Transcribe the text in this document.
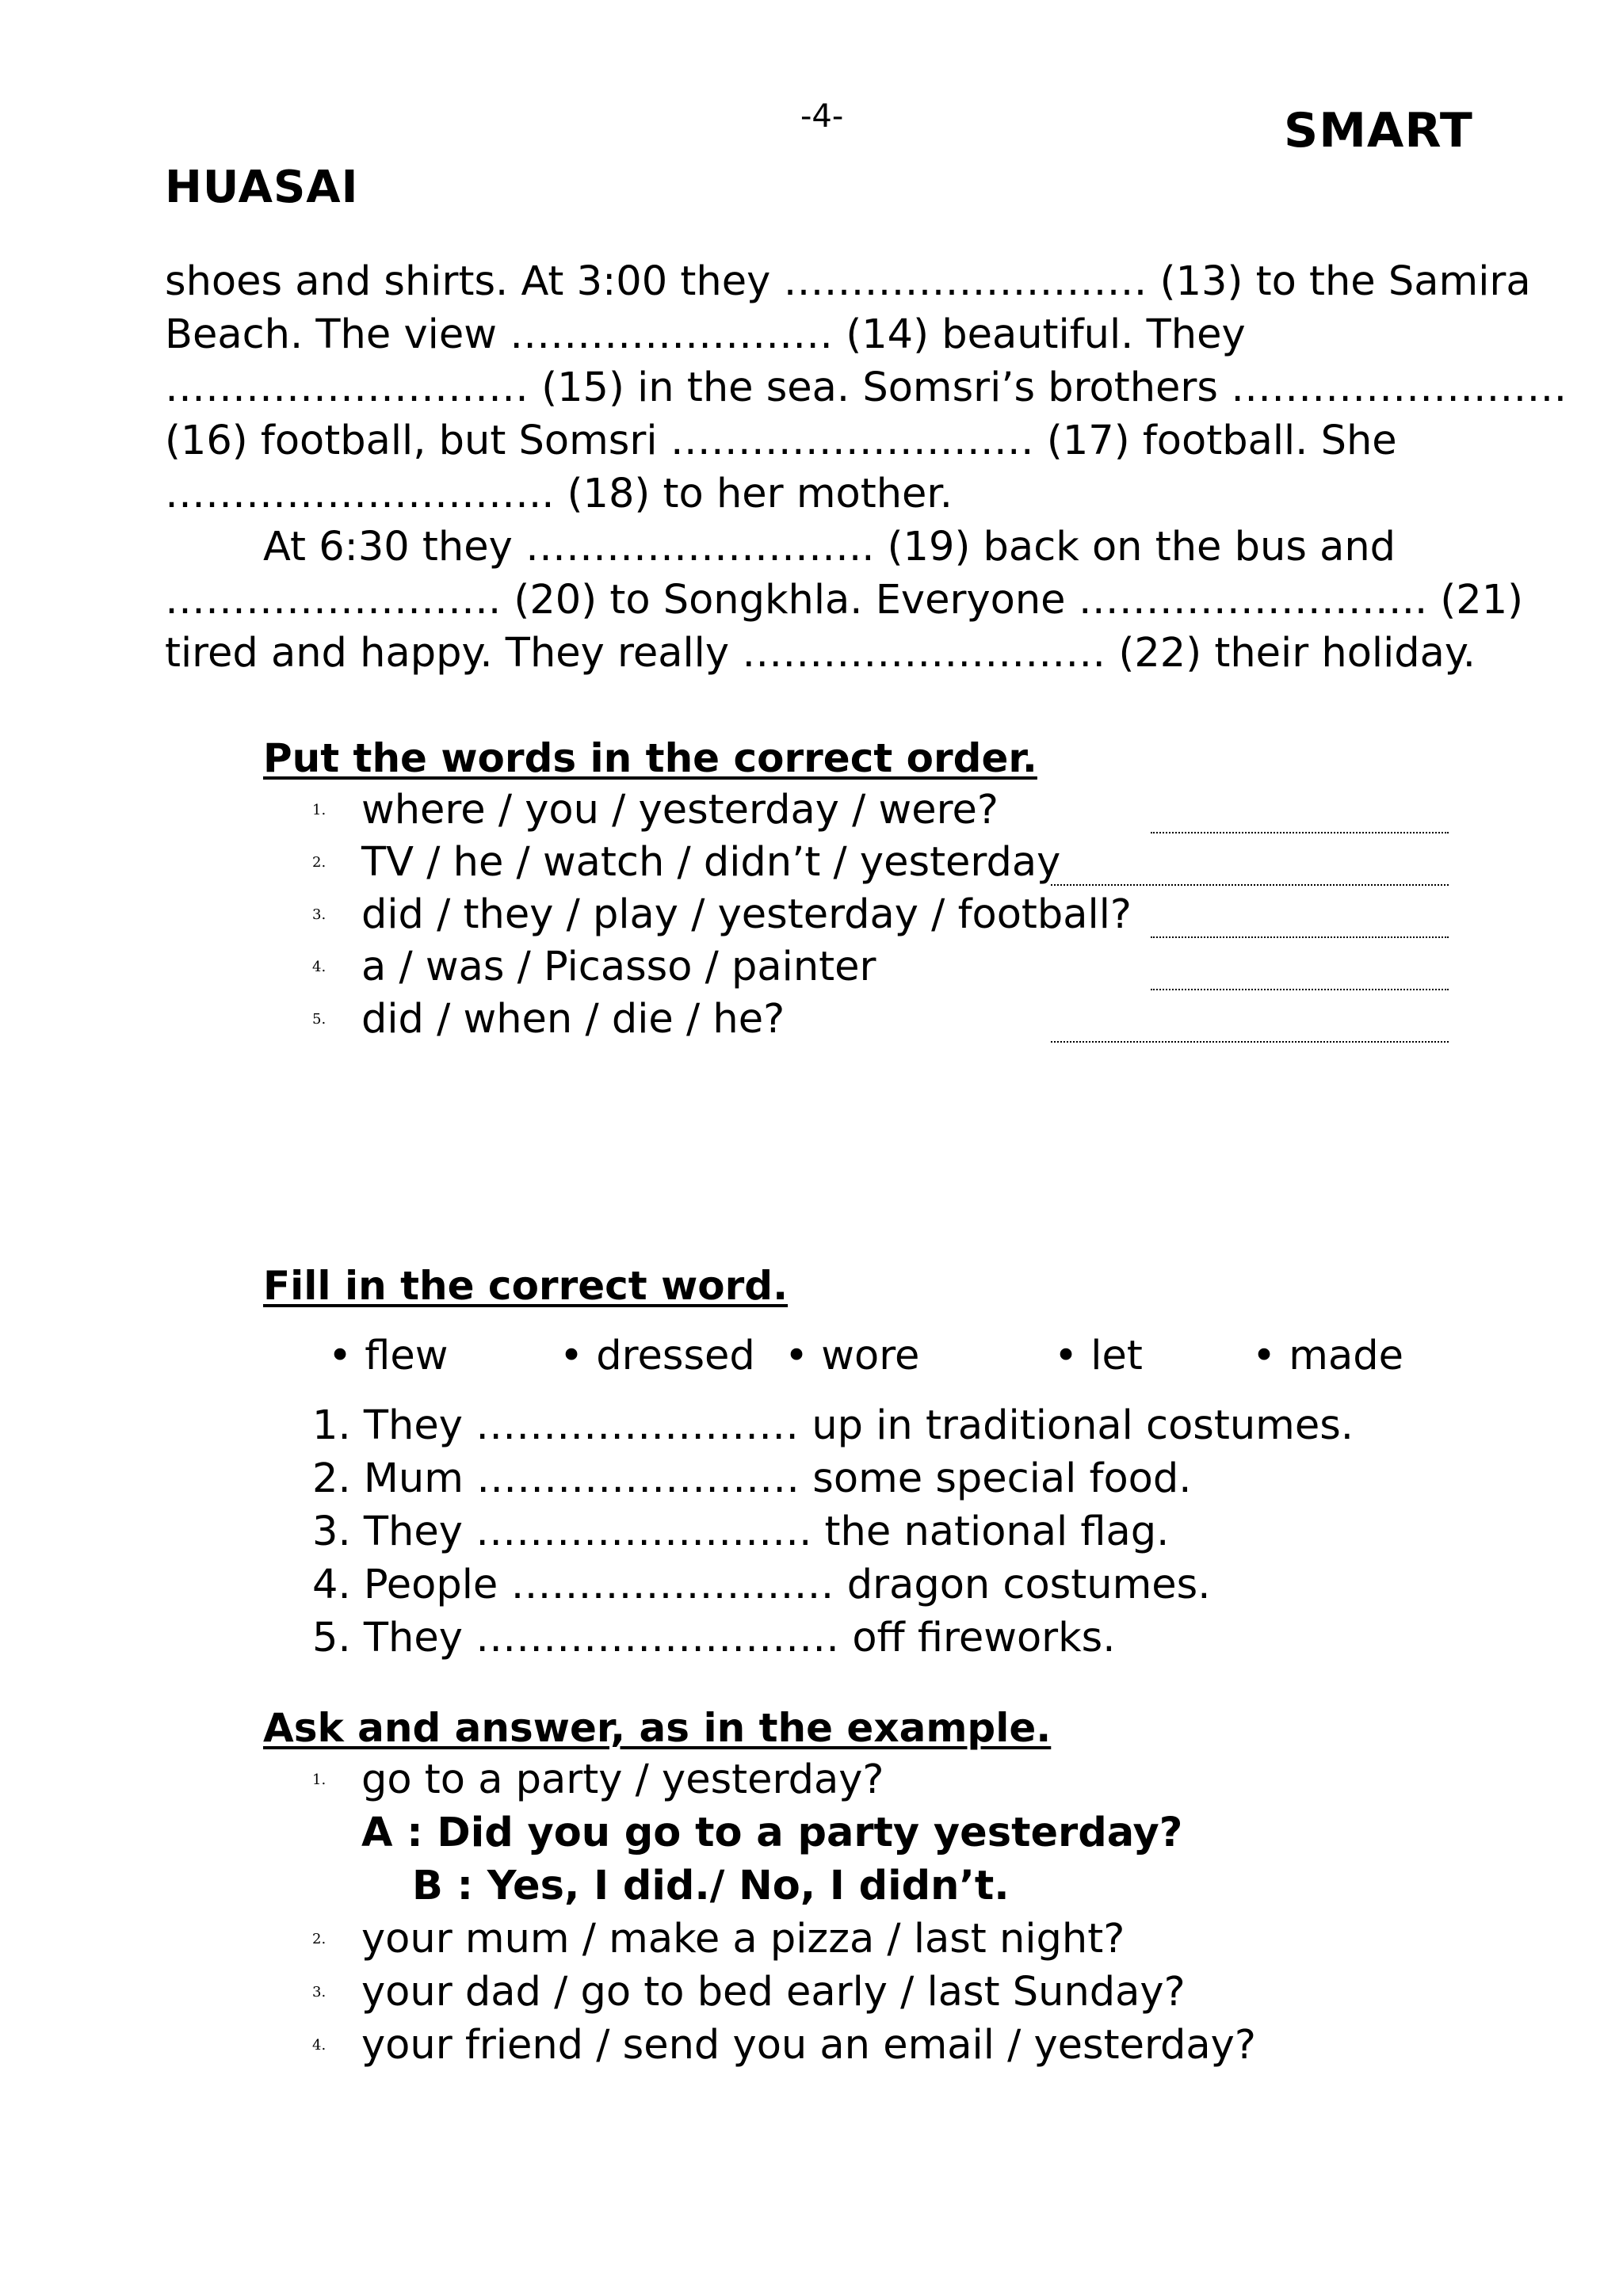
-4-	SMART
HUASAI
shoes and shirts. At 3:00 they ……………………… (13) to the Samira
Beach. The view …………………… (14) beautiful. They
……………………… (15) in the sea. Somsri’s brothers ……………….……
(16) football, but Somsri ……………………… (17) football. She
……………………….. (18) to her mother.
At 6:30 they …………………….. (19) back on the bus and
……………………. (20) to Songkhla. Everyone …………………….. (21)
tired and happy. They really ……………………… (22) their holiday.
Put the words in the correct order.
1. where / you / yesterday / were?
2. TV / he / watch / didn’t / yesterday
3. did / they / play / yesterday / football?
4. a / was / Picasso / painter
5. did / when / die / he?
Fill in the correct word.
• flew	• dressed • wore	• let	• made
1. They …………………… up in traditional costumes.
2. Mum …………………… some special food.
3. They ……………………. the national flag.
4. People …………………… dragon costumes.
5. They ……………………… off fireworks.
Ask and answer, as in the example.
1. go to a party / yesterday?
A : Did you go to a party yesterday?
B : Yes, I did./ No, I didn’t.
2. your mum / make a pizza / last night?
3. your dad / go to bed early / last Sunday?
4. your friend / send you an email / yesterday?
